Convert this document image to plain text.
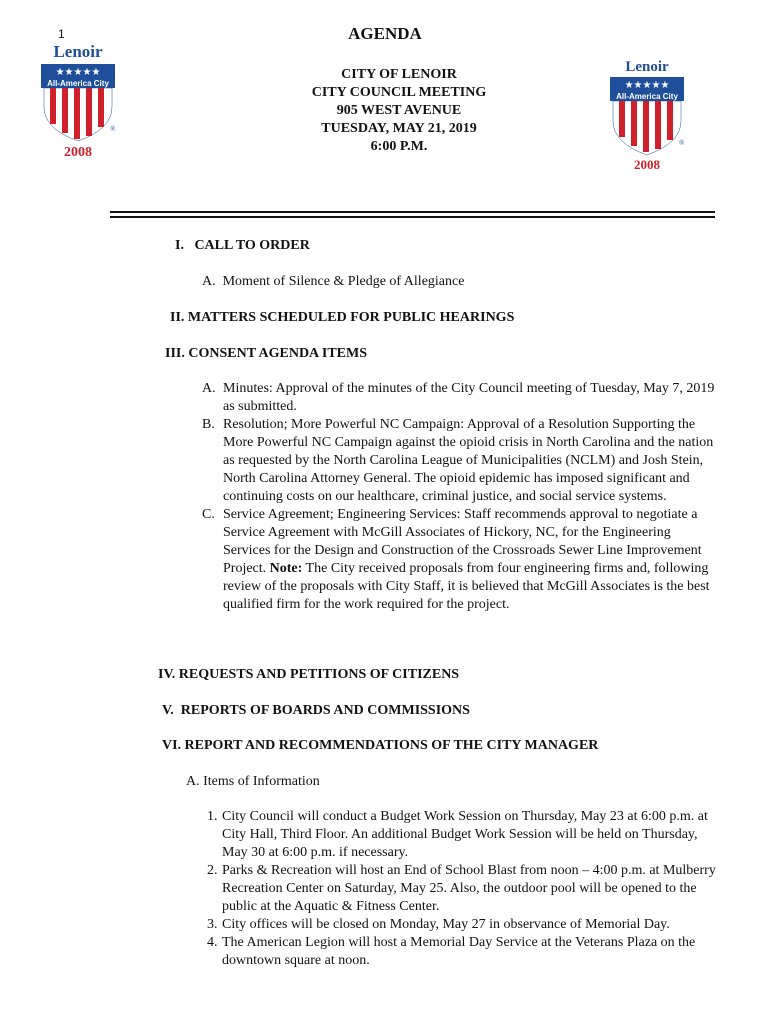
1	AGENDA
CITY OF LENOIR
CITY COUNCIL MEETING
905 WEST AVENUE
TUESDAY, MAY 21, 2019
6:00 P.M.
Lenoir
★★★★★
All-America City
®
2008
Lenoir
★★★★★
All-America City
®
2008
I.   CALL TO ORDER
A.  Moment of Silence & Pledge of Allegiance
II. MATTERS SCHEDULED FOR PUBLIC HEARINGS
III. CONSENT AGENDA ITEMS
A. Minutes: Approval of the minutes of the City Council meeting of Tuesday, May 7, 2019 as submitted.
B. Resolution; More Powerful NC Campaign: Approval of a Resolution Supporting the More Powerful NC Campaign against the opioid crisis in North Carolina and the nation as requested by the North Carolina League of Municipalities (NCLM) and Josh Stein, North Carolina Attorney General. The opioid epidemic has imposed significant and continuing costs on our healthcare, criminal justice, and social service systems.
C. Service Agreement; Engineering Services: Staff recommends approval to negotiate a Service Agreement with McGill Associates of Hickory, NC, for the Engineering Services for the Design and Construction of the Crossroads Sewer Line Improvement Project. Note: The City received proposals from four engineering firms and, following review of the proposals with City Staff, it is believed that McGill Associates is the best qualified firm for the work required for the project.
IV. REQUESTS AND PETITIONS OF CITIZENS
V.  REPORTS OF BOARDS AND COMMISSIONS
VI. REPORT AND RECOMMENDATIONS OF THE CITY MANAGER
A. Items of Information
1. City Council will conduct a Budget Work Session on Thursday, May 23 at 6:00 p.m. at City Hall, Third Floor. An additional Budget Work Session will be held on Thursday, May 30 at 6:00 p.m. if necessary.
2. Parks & Recreation will host an End of School Blast from noon – 4:00 p.m. at Mulberry Recreation Center on Saturday, May 25. Also, the outdoor pool will be opened to the public at the Aquatic & Fitness Center.
3. City offices will be closed on Monday, May 27 in observance of Memorial Day.
4. The American Legion will host a Memorial Day Service at the Veterans Plaza on the downtown square at noon.
